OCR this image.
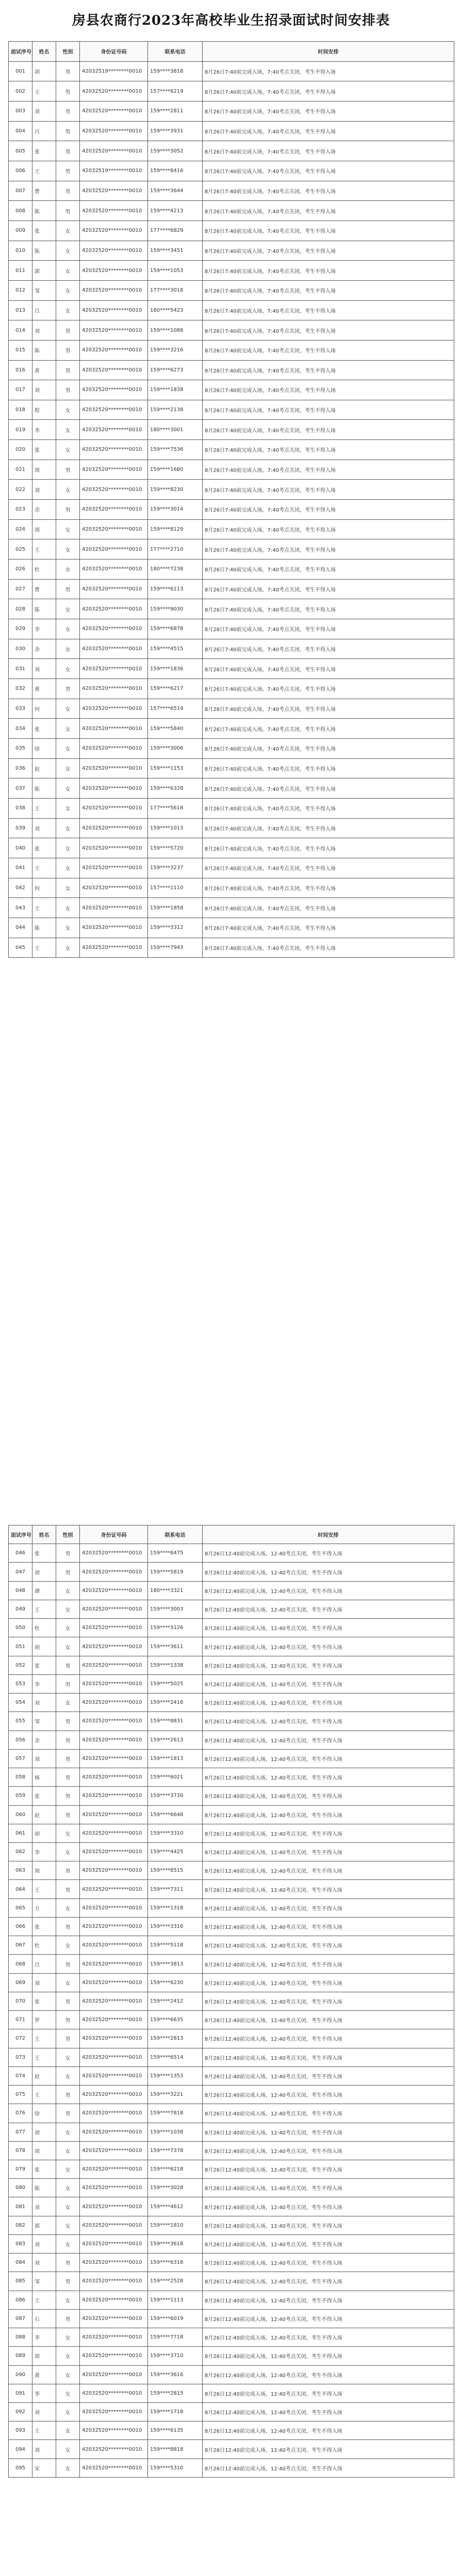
房县农商行2023年高校毕业生招录面试时间安排表
面试序号	姓名	性别	身份证号码	联系电话	时间安排
001	胡	男	42032519********0010	159****3818	8月26日7:40前完成入场，7:40考点关闭，考生不得入场
002	王	男	42032520********0010	157****6219	8月26日7:40前完成入场，7:40考点关闭，考生不得入场
003	刘	男	42032520********0010	159****2811	8月26日7:40前完成入场，7:40考点关闭，考生不得入场
004	吕	男	42032520********0010	159****3931	8月26日7:40前完成入场，7:40考点关闭，考生不得入场
005	张	男	42032520********0010	159****3052	8月26日7:40前完成入场，7:40考点关闭，考生不得入场
006	王	男	42032519********0010	159****8416	8月26日7:40前完成入场，7:40考点关闭，考生不得入场
007	曹	男	42032520********0010	159****3644	8月26日7:40前完成入场，7:40考点关闭，考生不得入场
008	陈	男	42032520********0010	159****4213	8月26日7:40前完成入场，7:40考点关闭，考生不得入场
009	张	女	42032520********0010	177****6829	8月26日7:40前完成入场，7:40考点关闭，考生不得入场
010	陈	女	42032520********0010	159****3451	8月26日7:40前完成入场，7:40考点关闭，考生不得入场
011	郭	女	42032520********0010	159****1053	8月26日7:40前完成入场，7:40考点关闭，考生不得入场
012	邹	女	42032520********0010	177****3018	8月26日7:40前完成入场，7:40考点关闭，考生不得入场
013	吕	女	42032520********0010	180****5423	8月26日7:40前完成入场，7:40考点关闭，考生不得入场
014	刘	男	42032520********0010	159****1088	8月26日7:40前完成入场，7:40考点关闭，考生不得入场
015	陈	男	42032520********0010	159****3216	8月26日7:40前完成入场，7:40考点关闭，考生不得入场
016	黄	男	42032520********0010	159****6273	8月26日7:40前完成入场，7:40考点关闭，考生不得入场
017	刘	男	42032520********0010	159****1838	8月26日7:40前完成入场，7:40考点关闭，考生不得入场
018	程	女	42032520********0010	159****2138	8月26日7:40前完成入场，7:40考点关闭，考生不得入场
019	李	女	42032520********0010	180****3001	8月26日7:40前完成入场，7:40考点关闭，考生不得入场
020	张	女	42032520********0010	159****7536	8月26日7:40前完成入场，7:40考点关闭，考生不得入场
021	周	男	42032520********0010	159****1680	8月26日7:40前完成入场，7:40考点关闭，考生不得入场
022	刘	女	42032520********0010	159****8230	8月26日7:40前完成入场，7:40考点关闭，考生不得入场
023	余	男	42032520********0010	159****3014	8月26日7:40前完成入场，7:40考点关闭，考生不得入场
024	周	女	42032520********0010	159****8129	8月26日7:40前完成入场，7:40考点关闭，考生不得入场
025	王	女	42032520********0010	177****2710	8月26日7:40前完成入场，7:40考点关闭，考生不得入场
026	杜	女	42032520********0010	180****7238	8月26日7:40前完成入场，7:40考点关闭，考生不得入场
027	曹	男	42032520********0010	159****6113	8月26日7:40前完成入场，7:40考点关闭，考生不得入场
028	陈	女	42032520********0010	159****9030	8月26日7:40前完成入场，7:40考点关闭，考生不得入场
029	李	女	42032520********0010	159****6878	8月26日7:40前完成入场，7:40考点关闭，考生不得入场
030	余	女	42032520********0010	159****4515	8月26日7:40前完成入场，7:40考点关闭，考生不得入场
031	刘	女	42032520********0010	159****1836	8月26日7:40前完成入场，7:40考点关闭，考生不得入场
032	黄	男	42032520********0010	159****6217	8月26日7:40前完成入场，7:40考点关闭，考生不得入场
033	何	女	42032520********0010	157****6519	8月26日7:40前完成入场，7:40考点关闭，考生不得入场
034	张	女	42032520********0010	159****5840	8月26日7:40前完成入场，7:40考点关闭，考生不得入场
035	徐	女	42032520********0010	159****3006	8月26日7:40前完成入场，7:40考点关闭，考生不得入场
036	赵	女	42032520********0010	159****1153	8月26日7:40前完成入场，7:40考点关闭，考生不得入场
037	陈	女	42032520********0010	159****6328	8月26日7:40前完成入场，7:40考点关闭，考生不得入场
038	王	女	42032520********0010	177****5618	8月26日7:40前完成入场，7:40考点关闭，考生不得入场
039	刘	女	42032520********0010	159****1013	8月26日7:40前完成入场，7:40考点关闭，考生不得入场
040	张	女	42032520********0010	159****5720	8月26日7:40前完成入场，7:40考点关闭，考生不得入场
041	王	女	42032520********0010	159****3237	8月26日7:40前完成入场，7:40考点关闭，考生不得入场
042	何	女	42032520********0010	157****1110	8月26日7:40前完成入场，7:40考点关闭，考生不得入场
043	王	女	42032520********0010	159****1858	8月26日7:40前完成入场，7:40考点关闭，考生不得入场
044	陈	女	42032520********0010	159****3312	8月26日7:40前完成入场，7:40考点关闭，考生不得入场
045	王	女	42032520********0010	159****7943	8月26日7:40前完成入场，7:40考点关闭，考生不得入场
面试序号	姓名	性别	身份证号码	联系电话	时间安排
046	张	男	42032520********0010	159****6475	8月26日12:40前完成入场，12:40考点关闭，考生不得入场
047	胡	男	42032520********0010	159****5819	8月26日12:40前完成入场，12:40考点关闭，考生不得入场
048	谭	女	42032520********0010	180****3321	8月26日12:40前完成入场，12:40考点关闭，考生不得入场
049	王	女	42032520********0010	159****3003	8月26日12:40前完成入场，12:40考点关闭，考生不得入场
050	杜	女	42032520********0010	159****3126	8月26日12:40前完成入场，12:40考点关闭，考生不得入场
051	胡	女	42032520********0010	159****3611	8月26日12:40前完成入场，12:40考点关闭，考生不得入场
052	张	男	42032520********0010	159****1338	8月26日12:40前完成入场，12:40考点关闭，考生不得入场
053	李	男	42032520********0010	159****5025	8月26日12:40前完成入场，12:40考点关闭，考生不得入场
054	刘	女	42032520********0010	159****2416	8月26日12:40前完成入场，12:40考点关闭，考生不得入场
055	邹	男	42032520********0010	159****8831	8月26日12:40前完成入场，12:40考点关闭，考生不得入场
056	余	男	42032520********0010	159****2613	8月26日12:40前完成入场，12:40考点关闭，考生不得入场
057	刘	男	42032520********0010	159****1813	8月26日12:40前完成入场，12:40考点关闭，考生不得入场
058	杨	男	42032520********0010	159****6021	8月26日12:40前完成入场，12:40考点关闭，考生不得入场
059	张	男	42032520********0010	159****3730	8月26日12:40前完成入场，12:40考点关闭，考生不得入场
060	赵	男	42032520********0010	159****6648	8月26日12:40前完成入场，12:40考点关闭，考生不得入场
061	胡	女	42032520********0010	159****3310	8月26日12:40前完成入场，12:40考点关闭，考生不得入场
062	李	女	42032520********0010	159****4425	8月26日12:40前完成入场，12:40考点关闭，考生不得入场
063	周	男	42032520********0010	159****8515	8月26日12:40前完成入场，12:40考点关闭，考生不得入场
064	王	男	42032520********0010	159****7311	8月26日12:40前完成入场，12:40考点关闭，考生不得入场
065	方	女	42032520********0010	159****1318	8月26日12:40前完成入场，12:40考点关闭，考生不得入场
066	张	男	42032520********0010	159****3316	8月26日12:40前完成入场，12:40考点关闭，考生不得入场
067	杜	女	42032520********0010	159****5118	8月26日12:40前完成入场，12:40考点关闭，考生不得入场
068	吕	男	42032520********0010	159****3813	8月26日12:40前完成入场，12:40考点关闭，考生不得入场
069	刘	女	42032520********0010	159****6230	8月26日12:40前完成入场，12:40考点关闭，考生不得入场
070	张	男	42032520********0010	159****2412	8月26日12:40前完成入场，12:40考点关闭，考生不得入场
071	罗	男	42032520********0010	159****6635	8月26日12:40前完成入场，12:40考点关闭，考生不得入场
072	王	男	42032520********0010	159****2813	8月26日12:40前完成入场，12:40考点关闭，考生不得入场
073	王	女	42032520********0010	159****6514	8月26日12:40前完成入场，12:40考点关闭，考生不得入场
074	赵	女	42032520********0010	159****1353	8月26日12:40前完成入场，12:40考点关闭，考生不得入场
075	王	男	42032520********0010	159****3221	8月26日12:40前完成入场，12:40考点关闭，考生不得入场
076	徐	男	42032520********0010	159****7818	8月26日12:40前完成入场，12:40考点关闭，考生不得入场
077	胡	女	42032520********0010	159****1038	8月26日12:40前完成入场，12:40考点关闭，考生不得入场
078	周	女	42032520********0010	159****7378	8月26日12:40前完成入场，12:40考点关闭，考生不得入场
079	张	女	42032520********0010	159****6218	8月26日12:40前完成入场，12:40考点关闭，考生不得入场
080	陈	女	42032520********0010	159****3028	8月26日12:40前完成入场，12:40考点关闭，考生不得入场
081	刘	女	42032520********0010	159****4612	8月26日12:40前完成入场，12:40考点关闭，考生不得入场
082	郭	女	42032520********0010	159****1810	8月26日12:40前完成入场，12:40考点关闭，考生不得入场
083	刘	女	42032520********0010	159****3618	8月26日12:40前完成入场，12:40考点关闭，考生不得入场
084	刘	男	42032520********0010	159****6318	8月26日12:40前完成入场，12:40考点关闭，考生不得入场
085	邹	男	42032520********0010	159****2528	8月26日12:40前完成入场，12:40考点关闭，考生不得入场
086	王	女	42032520********0010	159****1113	8月26日12:40前完成入场，12:40考点关闭，考生不得入场
087	石	男	42032520********0010	159****6019	8月26日12:40前完成入场，12:40考点关闭，考生不得入场
088	李	女	42032520********0010	159****7718	8月26日12:40前完成入场，12:40考点关闭，考生不得入场
089	胡	女	42032520********0010	159****3710	8月26日12:40前完成入场，12:40考点关闭，考生不得入场
090	黄	女	42032520********0010	159****3616	8月26日12:40前完成入场，12:40考点关闭，考生不得入场
091	李	女	42032520********0010	159****2815	8月26日12:40前完成入场，12:40考点关闭，考生不得入场
092	刘	女	42032520********0010	159****1718	8月26日12:40前完成入场，12:40考点关闭，考生不得入场
093	王	女	42032520********0010	159****6135	8月26日12:40前完成入场，12:40考点关闭，考生不得入场
094	刘	女	42032520********0010	159****8818	8月26日12:40前完成入场，12:40考点关闭，考生不得入场
095	宋	女	42032520********0010	159****5310	8月26日12:40前完成入场，12:40考点关闭，考生不得入场
